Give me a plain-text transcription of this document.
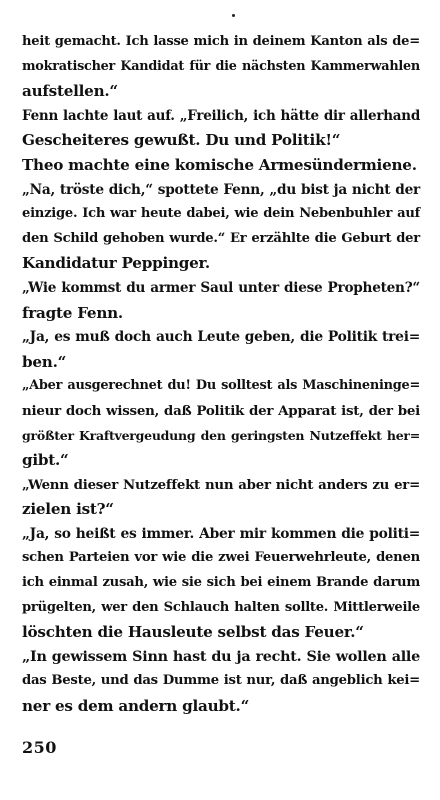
heit gemacht. Ich lasse mich in deinem Kanton als de=
mokratischer Kandidat für die nächsten Kammerwahlen
aufstellen.“
Fenn lachte laut auf. „Freilich, ich hätte dir allerhand
Gescheiteres gewußt. Du und Politik!“
Theo machte eine komische Armesündermiene.
„Na, tröste dich,“ spottete Fenn, „du bist ja nicht der
einzige. Ich war heute dabei, wie dein Nebenbuhler auf
den Schild gehoben wurde.“ Er erzählte die Geburt der
Kandidatur Peppinger.
„Wie kommst du armer Saul unter diese Propheten?“
fragte Fenn.
„Ja, es muß doch auch Leute geben, die Politik trei=
ben.“
„Aber ausgerechnet du! Du solltest als Maschineninge=
nieur doch wissen, daß Politik der Apparat ist, der bei
größter Kraftvergeudung den geringsten Nutzeffekt her=
gibt.“
„Wenn dieser Nutzeffekt nun aber nicht anders zu er=
zielen ist?“
„Ja, so heißt es immer. Aber mir kommen die politi=
schen Parteien vor wie die zwei Feuerwehrleute, denen
ich einmal zusah, wie sie sich bei einem Brande darum
prügelten, wer den Schlauch halten sollte. Mittlerweile
löschten die Hausleute selbst das Feuer.“
„In gewissem Sinn hast du ja recht. Sie wollen alle
das Beste, und das Dumme ist nur, daß angeblich kei=
ner es dem andern glaubt.“
250
